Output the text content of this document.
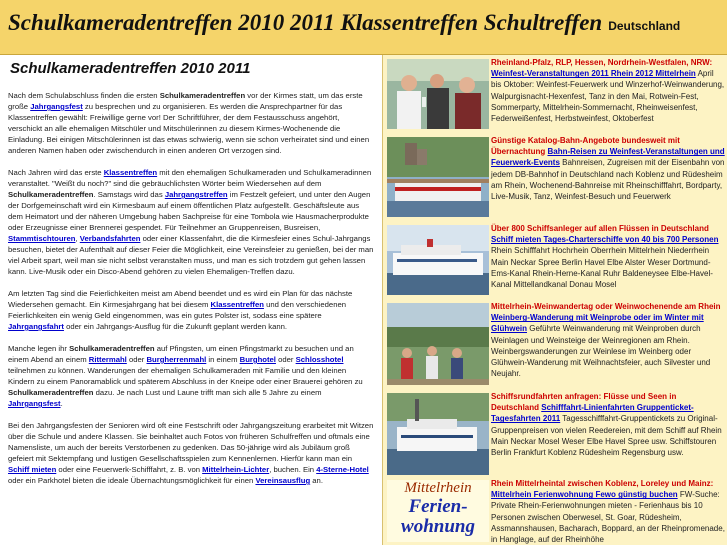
Schulkameradentreffen 2010 2011 Klassentreffen Schultreffen Deutschland
Schulkameradentreffen 2010 2011

Nach dem Schulabschluss finden die ersten Schulkameradentreffen vor der Kirmes statt, um das erste große Jahrgangsfest zu besprechen und zu organisieren. Es werden die Ansprechpartner für das Klassentreffen gewählt: Freiwillige gerne vor! Der Schriftführer, der dem Festausschuss angehört, verschickt an alle ehemaligen Mitschüler und Mitschülerinnen zu diesem Kirmes-Wochenende die Einladung. Bei einigen Mitschülerinnen ist das etwas schwierig, wenn sie schon verheiratet sind und einen anderen Namen haben oder zwischendurch in einen anderen Ort verzogen sind.

Nach Jahren wird das erste Klassentreffen mit den ehemaligen Schulkameraden und Schulkameradinnen veranstaltet. "Weißt du noch?" sind die gebräuchlichsten Wörter beim Wiedersehen auf dem Schulkameradentreffen. Samstags wird das Jahrgangstreffen im Festzelt gefeiert, und unter den Augen der Dorfgemeinschaft wird ein Kirmesbaum auf einem öffentlichen Platz aufgestellt. Geschäftsleute aus dem Heimatort und der näheren Umgebung haben Sachpreise für eine Tombola wie Hausmacherprodukte oder Erzeugnisse einer Brennerei gespendet. Für Teilnehmer an Gruppenreisen, Busreisen, Stammtischtouren, Verbandsfahrten oder einer Klassenfahrt, die die Kirmesfeier eines Schul-Jahrgangs besuchen, bietet der Aufenthalt auf dieser Feier die Möglichkeit, eine Vereinsfeier zu genießen, bei der man viel Arbeit spart, weil man sie nicht selbst veranstalten muss, und man es sich trotzdem gut gehen lassen kann. Live-Musik oder ein Disco-Abend gehören zu vielen Ehemaligen-Treffen dazu.

Am letzten Tag sind die Feierlichkeiten meist am Abend beendet und es wird ein Plan für das nächste Wiedersehen gemacht. Ein Kirmesjahrgang hat bei diesem Klassentreffen und den verschiedenen Feierlichkeiten ein wenig Geld eingenommen, was ein gutes Polster ist, sodass eine spätere Jahrgangsfahrt oder ein Jahrgangs-Ausflug für die Zukunft geplant werden kann.

Manche legen ihr Schulkameradentreffen auf Pfingsten, um einen Pfingstmarkt zu besuchen und an einem Abend an einem Rittermahl oder Burgherrenmahl in einem Burghotel oder Schlosshotel teilnehmen zu können. Wanderungen der ehemaligen Schulkameraden mit Familie und den kleinen Kindern zu einem Panoramablick und späterem Abschluss in der Kneipe oder einer Brauerei gehören zu Schulkameradentreffen dazu. Je nach Lust und Laune trifft man sich alle 5 Jahre zu einem Jahrgangsfest.

Bei den Jahrgangsfesten der Senioren wird oft eine Festschrift oder Jahrgangszeitung erarbeitet mit Witzen über die Schule und andere Klassen. Sie beinhaltet auch Fotos von früheren Schulfreffen und oftmals eine Namensliste, um auch der bereits Verstorbenen zu gedenken. Das 50-jährige wird als Jubiläum groß gefeiert mit Sektempfang und lustigen Gesellschaftsspielen zum Kennenlernen. Hierfür kann man ein Schiff mieten oder eine Feuerwerk-Schifffahrt, z. B. von Mittelrhein-Lichter, buchen. Ein 4-Sterne-Hotel oder ein Parkhotel bieten die ideale Übernachtungsmöglichkeit für einen Vereinsausflug an.

Rheinland-Pfalz, RLP, Hessen, Nordrhein-Westfalen, NRW: Weinfest-Veranstaltungen 2011 Rhein 2012 Mittelrhein April bis Oktober: Weinfest-Feuerwerk und Winzerhof-Weinwanderung, Walpurgisnacht-Hexenfest, Tanz in den Mai, Rotwein-Fest, Sommerparty, Mittelrhein-Sommernacht, Rheinweisenfest, Federweißenfest, Herbstweinfest, Oktoberfest
Günstige Katalog-Bahn-Angebote bundesweit mit Übernachtung Bahn-Reisen zu Weinfest-Veranstaltungen und Feuerwerk-Events Bahnreisen, Zugreisen mit der Eisenbahn von jedem DB-Bahnhof in Deutschland nach Koblenz und Rüdesheim am Rhein, Wochenend-Bahnreise mit Rheinschifffahrt, Bordparty, Live-Musik, Tanz, Weinfest-Besuch und Feuerwerk
Über 800 Schiffsanleger auf allen Flüssen in Deutschland Schiff mieten Tages-Charterschiffe von 40 bis 700 Personen Rhein Schifffahrt Hochrhein Oberrhein Mittelrhein Niederrhein Main Neckar Spree Berlin Havel Elbe Alster Weser Dortmund-Ems-Kanal Rhein-Herne-Kanal Ruhr Baldeneysee Elbe-Havel-Kanal Mittellandkanal Donau Mosel
Mittelrhein-Weinwandertag oder Weinwochenende am Rhein Weinberg-Wanderung mit Weinprobe oder im Winter mit Glühwein Geführte Weinwanderung mit Weinproben durch Weinlagen und Weinsteige der Weinregionen am Rhein. Weinbergswanderungen zur Weinlese im Weinberg oder Glühwein-Wanderung mit Weihnachtsfeier, auch Silvester und Neujahr.
Schiffsrundfahrten anfragen: Flüsse und Seen in Deutschland Schifffahrt-Linienfahrten Gruppenticket-Tagesfahrten 2011 Tagesschifffahrt-Gruppentickets zu Original-Gruppenpreisen von vielen Reedereien, mit dem Schiff auf Rhein Main Neckar Mosel Weser Elbe Havel Spree usw. Schiffstouren Berlin Frankfurt Koblenz Rüdesheim Regensburg usw.
Mittelrhein
Ferien-
wohnung
Rhein Mittelrheintal zwischen Koblenz, Loreley und Mainz: Mittelrhein Ferienwohnung Fewo günstig buchen FW-Suche: Private Rhein-Ferienwohnungen mieten - Ferienhaus bis 10 Personen zwischen Oberwesel, St. Goar, Rüdesheim, Assmannshausen, Bacharach, Boppard, an der Rheinpromenade, in Hanglage, auf der Rheinhöhe
